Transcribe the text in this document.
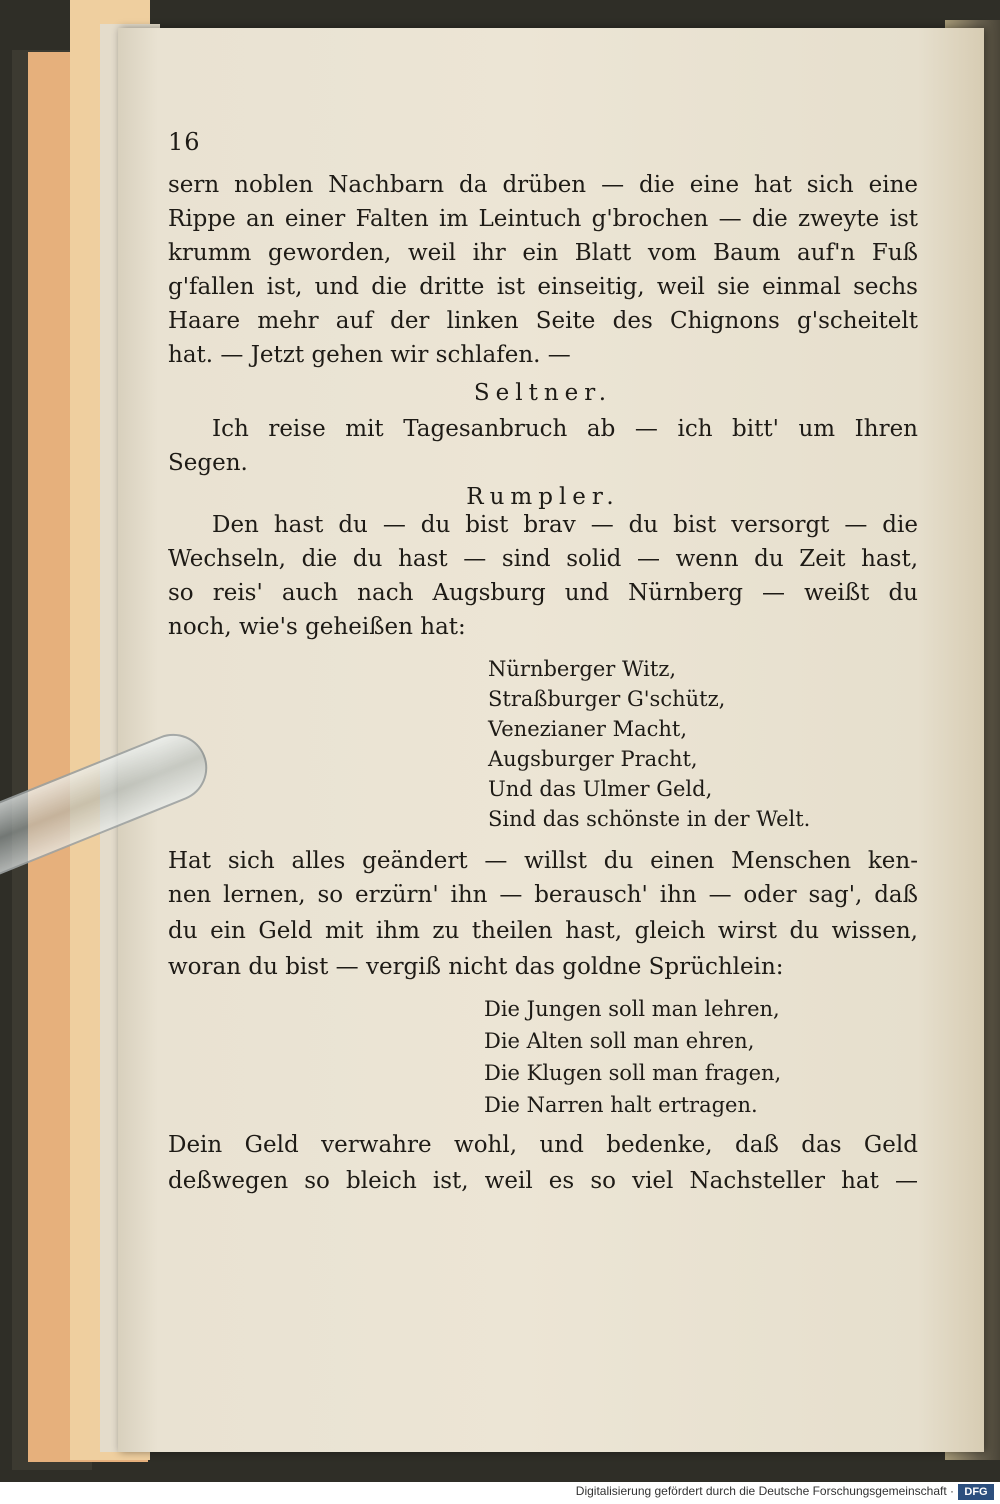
16
sern noblen Nachbarn da drüben — die eine hat sich eine
Rippe an einer Falten im Leintuch g'brochen — die zweyte ist
krumm geworden, weil ihr ein Blatt vom Baum auf'n Fuß
g'fallen ist, und die dritte ist einseitig, weil sie einmal sechs
Haare mehr auf der linken Seite des Chignons g'scheitelt
hat. — Jetzt gehen wir schlafen. —
Seltner.
Ich reise mit Tagesanbruch ab — ich bitt' um Ihren
Segen.
Rumpler.
Den hast du — du bist brav — du bist versorgt — die
Wechseln, die du hast — sind solid — wenn du Zeit hast,
so reis' auch nach Augsburg und Nürnberg — weißt du
noch, wie's geheißen hat:
Nürnberger Witz,
Straßburger G'schütz,
Venezianer Macht,
Augsburger Pracht,
Und das Ulmer Geld,
Sind das schönste in der Welt.
Hat sich alles geändert — willst du einen Menschen ken-
nen lernen, so erzürn' ihn — berausch' ihn — oder sag', daß
du ein Geld mit ihm zu theilen hast, gleich wirst du wissen,
woran du bist — vergiß nicht das goldne Sprüchlein:
Die Jungen soll man lehren,
Die Alten soll man ehren,
Die Klugen soll man fragen,
Die Narren halt ertragen.
Dein Geld verwahre wohl, und bedenke, daß das Geld
deßwegen so bleich ist, weil es so viel Nachsteller hat —
Digitalisierung gefördert durch die Deutsche Forschungsgemeinschaft · DFG
